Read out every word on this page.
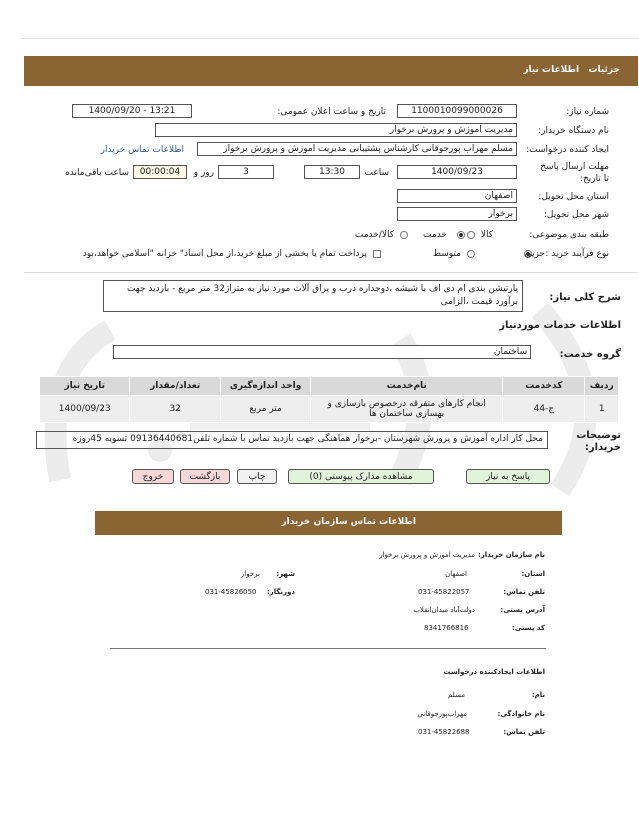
جزئیات   اطلاعات نیاز
شماره نیاز:
1100010099000026
تاریخ و ساعت اعلان عمومی:
1400/09/20 - 13:21
نام دستگاه خریدار:
مدیریت اموزش و پرورش برخوار
ایجاد کننده درخواست:
مسلم مهراب پورجوقانی کارشناس پشتیبانی مدیریت اموزش و پرورش برخوار
اطلاعات تماس خریدار
مهلت ارسال پاسخ تا تاریخ:
1400/09/23
ساعت
13:30
3
روز و
00:00:04
ساعت باقی‌مانده
استان محل تحویل:
اصفهان
شهر محل تحویل:
برخوار
طبقه بندی موضوعی:
کالا
خدمت
کالا/خدمت
نوع فرآیند خرید :
جزیی
متوسط
پرداخت تمام یا بخشی از مبلغ خرید،از محل اسناد" خزانه "اسلامی خواهد،بود
شرح کلی نیاز:
پارتیشن بندی ام دی اف با شیشه ،دوجداره درب و یراق آلات مورد نیاز به متراژ32 متر مربع - بازدید جهت برآورد قیمت ،الزامی
اطلاعات خدمات موردنیاز
گروه خدمت:
ساختمان
ردیف	کدخدمت	نام‌خدمت	واحد اندازه‌گیری	تعداد/مقدار	تاریخ نیاز
1	ج-44	انجام کارهای متفرقه درخصوص بازسازی و بهسازی ساختمان ها	متر مربع	32	1400/09/23
توضیحات خریدار:
محل کار اداره آموزش و پرورش شهرستان -برخوار هماهنگی جهت بازدید تماس با شماره تلفن09136440681 تسویه 45روزه
پاسخ به نیاز
مشاهده مدارک پیوستی (0)
چاپ
بازگشت
خروج
اطلاعات تماس سازمان خریدار
نام سازمان خریدار:
مدیریت اموزش و پرورش برخوار
استان:
اصفهان
شهر:
برخوار
تلفن تماس:
031-45822057
دورنگار:
031-45826050
آدرس پستی:
دولت‌آباد میدان‌انقلاب
کد پستی:
8341766816
اطلاعات ایجادکننده درخواست
نام:
مسلم
نام خانوادگی:
مهراب‌پورجوقانی
تلفن تماس:
031-45822688
